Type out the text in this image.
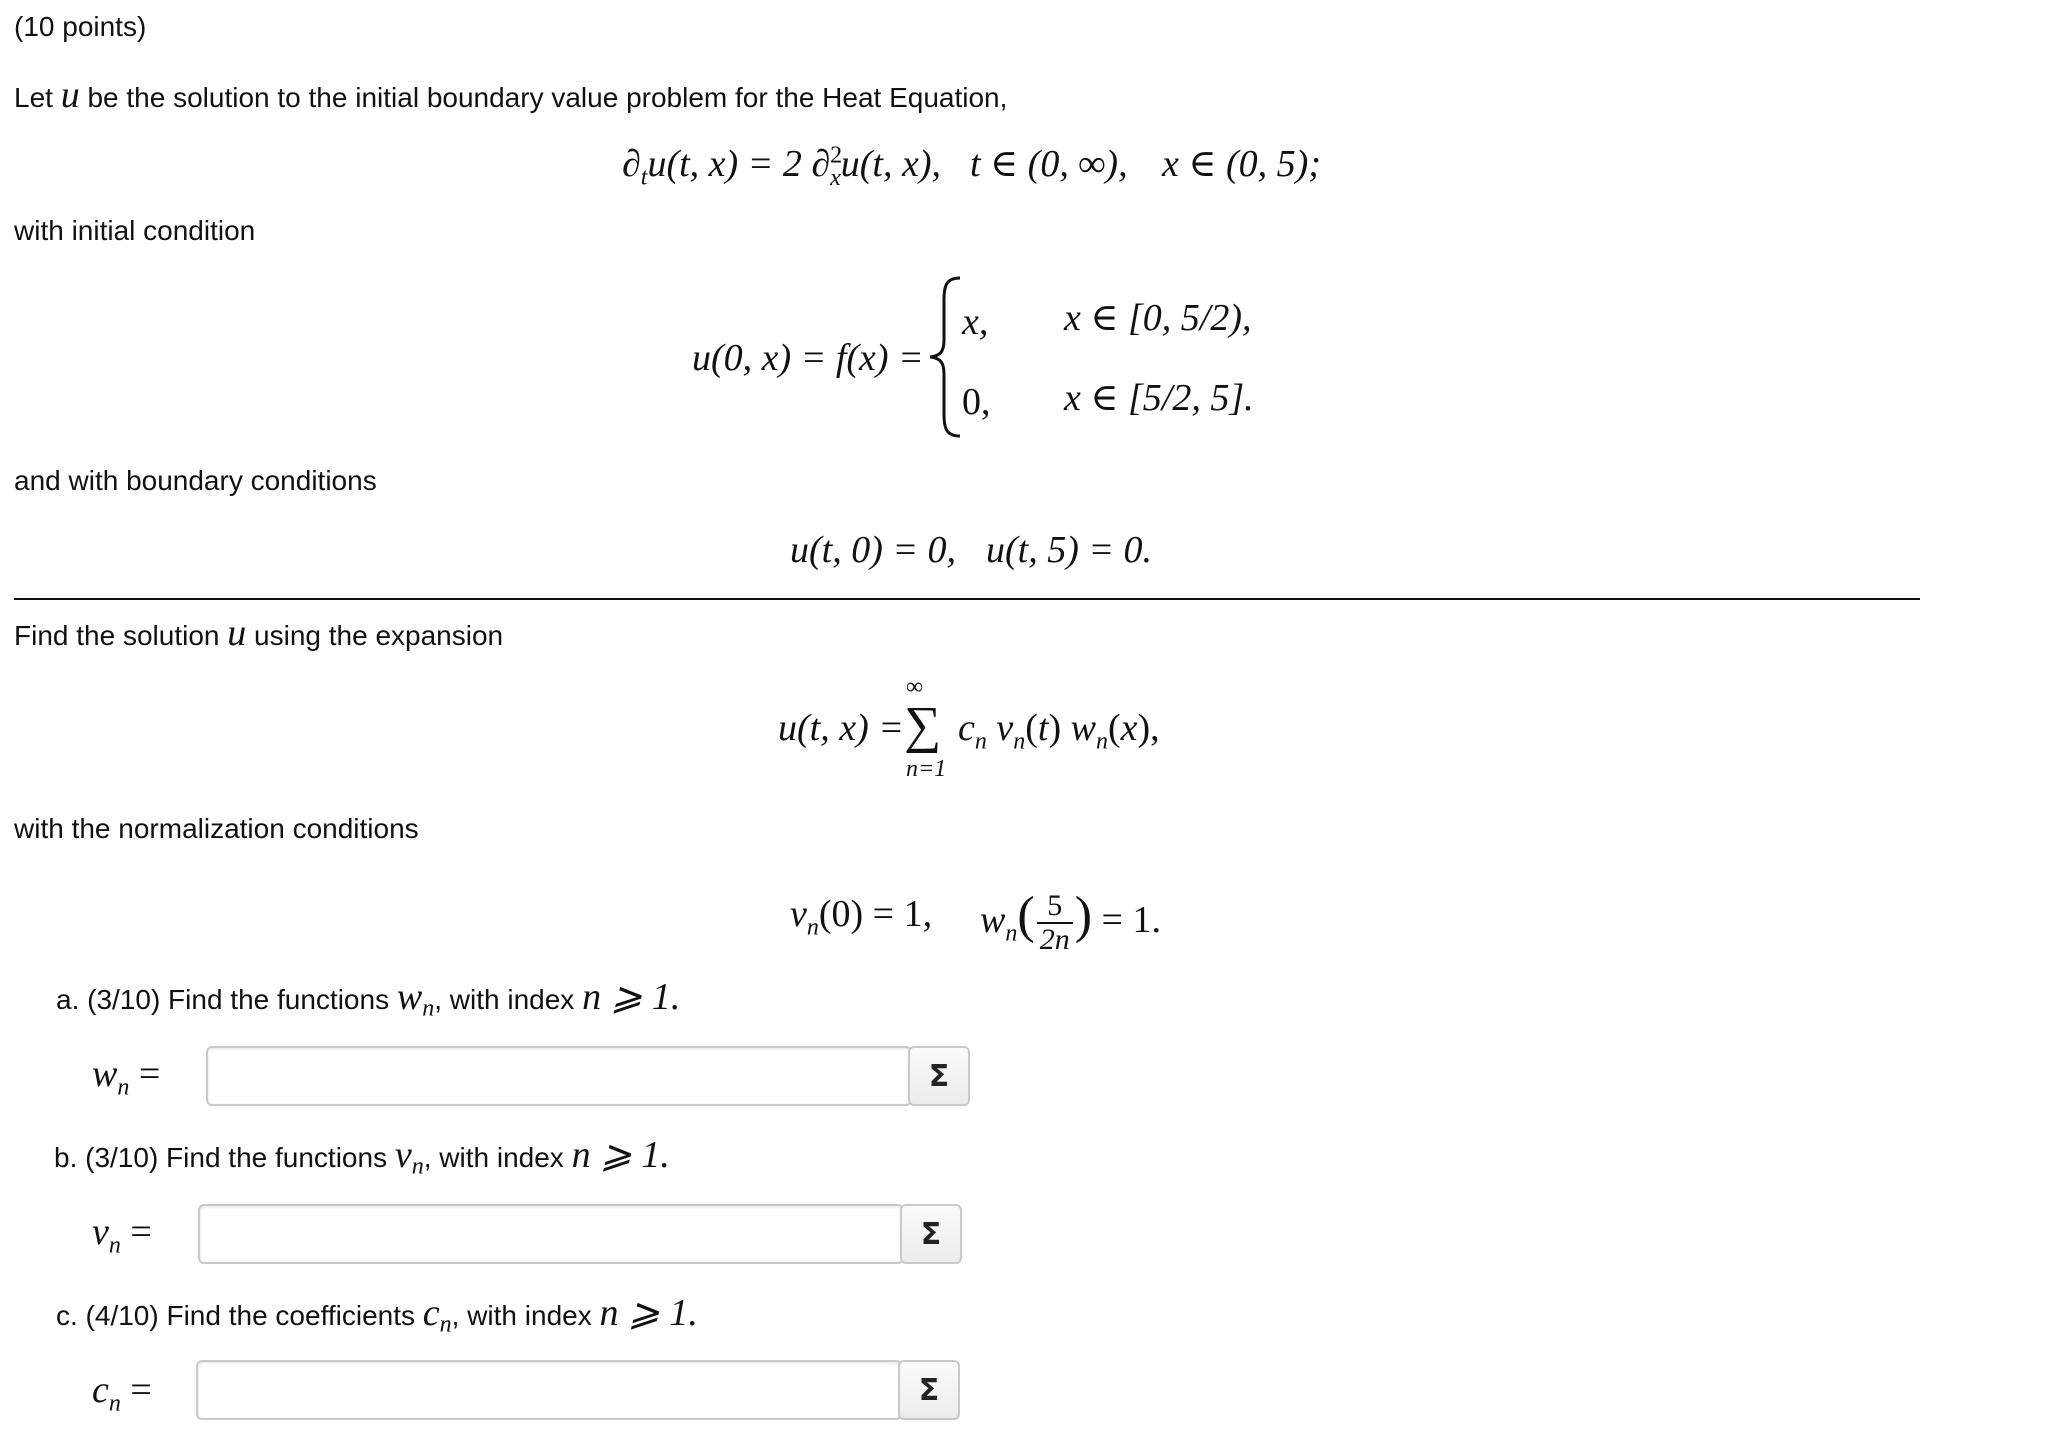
(10 points)
Let u be the solution to the initial boundary value problem for the Heat Equation,
$\partial_tu(t$, x) = 2 ∂$^2_x$u(t, x), t ∈ (0, ∞), x ∈ (0, 5);
with initial condition
u(0, x) = f(x) =
x, x ∈ [0, 5/2),
0, x ∈ [5/2, 5].
and with boundary conditions
u(t, 0) = 0, u(t, 5) = 0.
Find the solution u using the expansion
u(t, x) =
∞
∑
n=1
$c_n$ $v_n(t)$ $w_n(x)$,
with the normalization conditions
$v_n(0) = 1$, $w_n( \frac{5}{2n}$ ) = 1.
a. (3/10) Find the functions $w_n$, with index n ⩾ 1.
$w_n$ =	Σ
b. (3/10) Find the functions $v_n$, with index n ⩾ 1.
$v_n$ =	Σ
c. (4/10) Find the coefficients $c_n$, with index n ⩾ 1.
$c_n$ =	Σ
